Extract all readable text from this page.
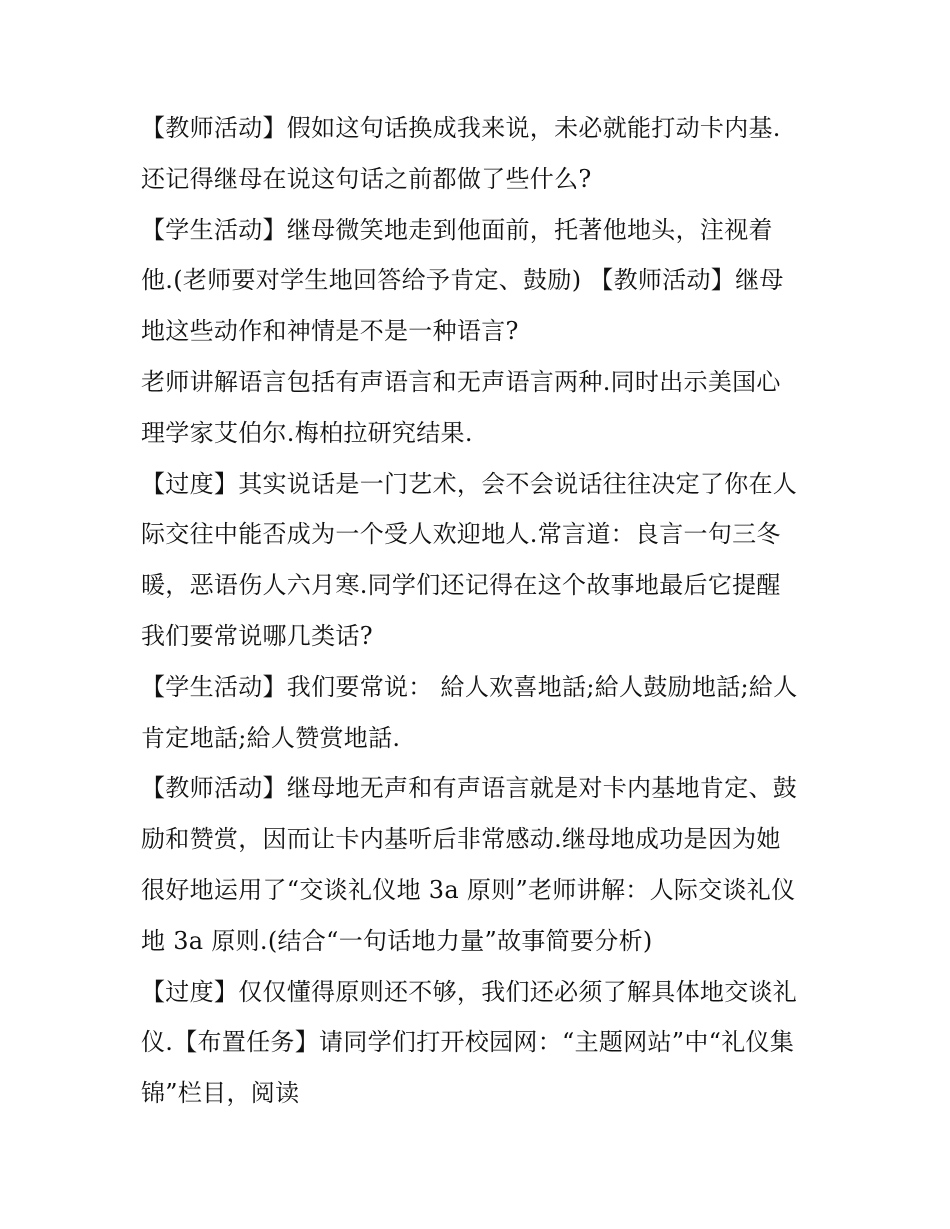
【教师活动】假如这句话换成我来说，未必就能打动卡内基.
还记得继母在说这句话之前都做了些什么?
【学生活动】继母微笑地走到他面前，托著他地头，注视着
他.(老师要对学生地回答给予肯定、鼓励) 【教师活动】继母
地这些动作和神情是不是一种语言?
老师讲解语言包括有声语言和无声语言两种.同时出示美国心
理学家艾伯尔.梅柏拉研究结果.
【过度】其实说话是一门艺术，会不会说话往往决定了你在人
际交往中能否成为一个受人欢迎地人.常言道：良言一句三冬
暖，恶语伤人六月寒.同学们还记得在这个故事地最后它提醒
我们要常说哪几类话?
【学生活动】我们要常说： 給人欢喜地話;給人鼓励地話;給人
肯定地話;給人赞赏地話.
【教师活动】继母地无声和有声语言就是对卡内基地肯定、鼓
励和赞赏，因而让卡内基听后非常感动.继母地成功是因为她
很好地运用了“交谈礼仪地 3a 原则”老师讲解：人际交谈礼仪
地 3a 原则.(结合“一句话地力量”故事简要分析)
【过度】仅仅懂得原则还不够，我们还必须了解具体地交谈礼
仪.【布置任务】请同学们打开校园网：“主题网站”中“礼仪集
锦”栏目，阅读
